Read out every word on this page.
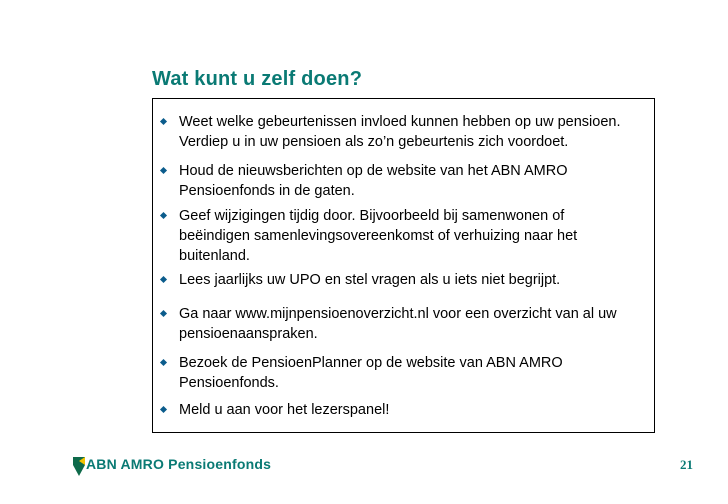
Wat kunt u zelf doen?
Weet welke gebeurtenissen invloed kunnen hebben op uw pensioen.
Verdiep u in uw pensioen als zo’n gebeurtenis zich voordoet.
Houd de nieuwsberichten op de website van het ABN AMRO
Pensioenfonds in de gaten.
Geef wijzigingen tijdig door. Bijvoorbeeld bij samenwonen of
beëindigen samenlevingsovereenkomst of verhuizing naar het
buitenland.
Lees jaarlijks uw UPO en stel vragen als u iets niet begrijpt.
Ga naar www.mijnpensioenoverzicht.nl voor een overzicht van al uw
pensioenaanspraken.
Bezoek de PensioenPlanner op de website van ABN AMRO
Pensioenfonds.
Meld u aan voor het lezerspanel!
ABN AMRO Pensioenfonds	21
